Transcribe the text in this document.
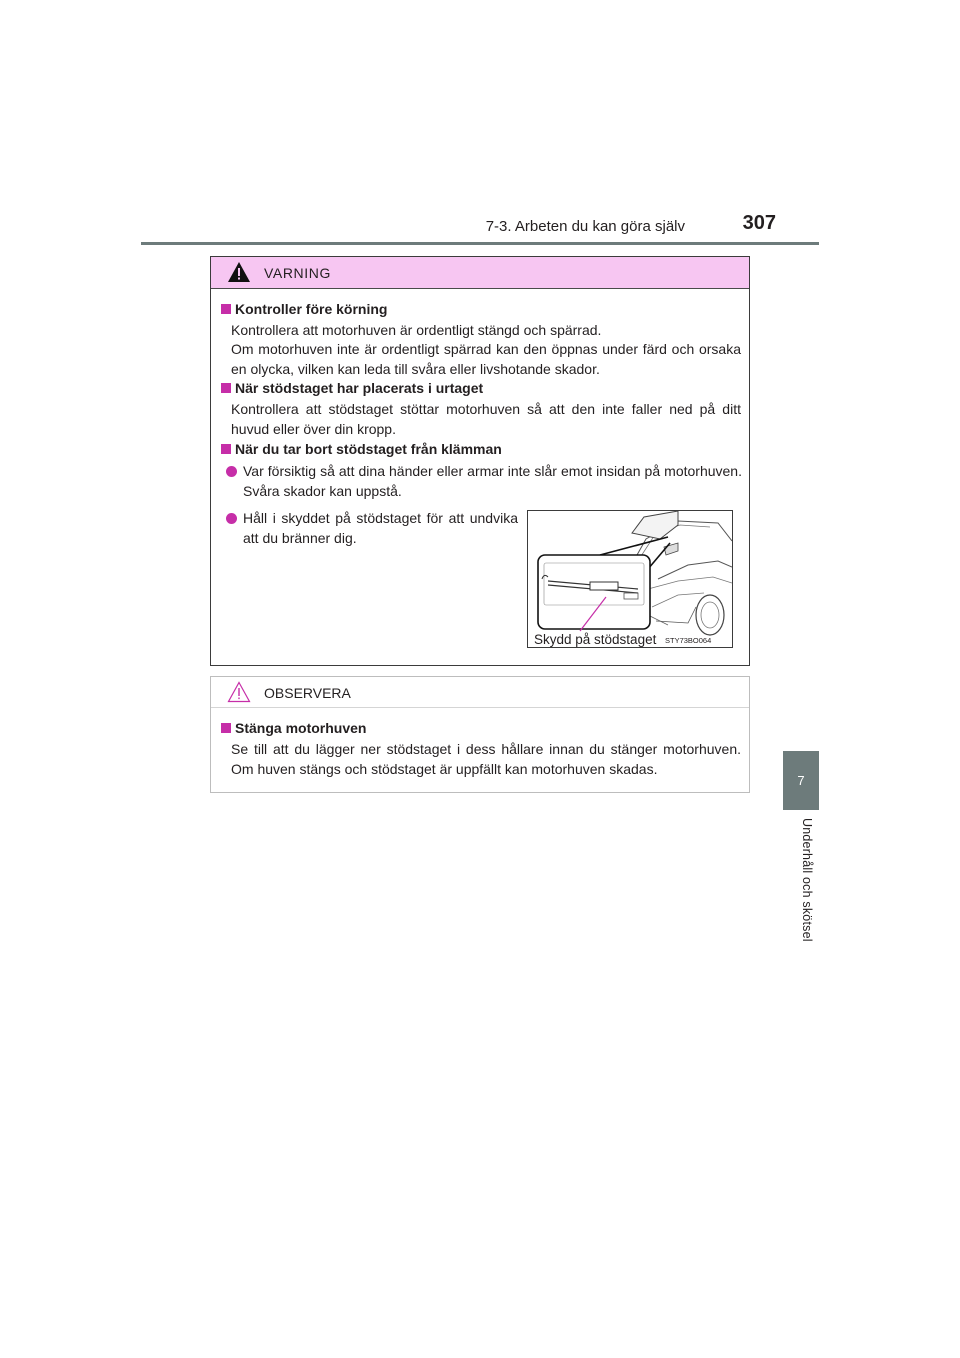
7-3. Arbeten du kan göra själv	307
7
Underhåll och skötsel
VARNING
Kontroller före körning
Kontrollera att motorhuven är ordentligt stängd och spärrad.
Om motorhuven inte är ordentligt spärrad kan den öppnas under färd och orsaka en olycka, vilken kan leda till svåra eller livshotande skador.
När stödstaget har placerats i urtaget
Kontrollera att stödstaget stöttar motorhuven så att den inte faller ned på ditt huvud eller över din kropp.
När du tar bort stödstaget från klämman
Var försiktig så att dina händer eller armar inte slår emot insidan på motorhuven. Svåra skador kan uppstå.
Håll i skyddet på stödstaget för att undvika att du bränner dig.
Skydd på stödstaget STY73BO064
OBSERVERA
Stänga motorhuven
Se till att du lägger ner stödstaget i dess hållare innan du stänger motorhuven. Om huven stängs och stödstaget är uppfällt kan motorhuven skadas.
